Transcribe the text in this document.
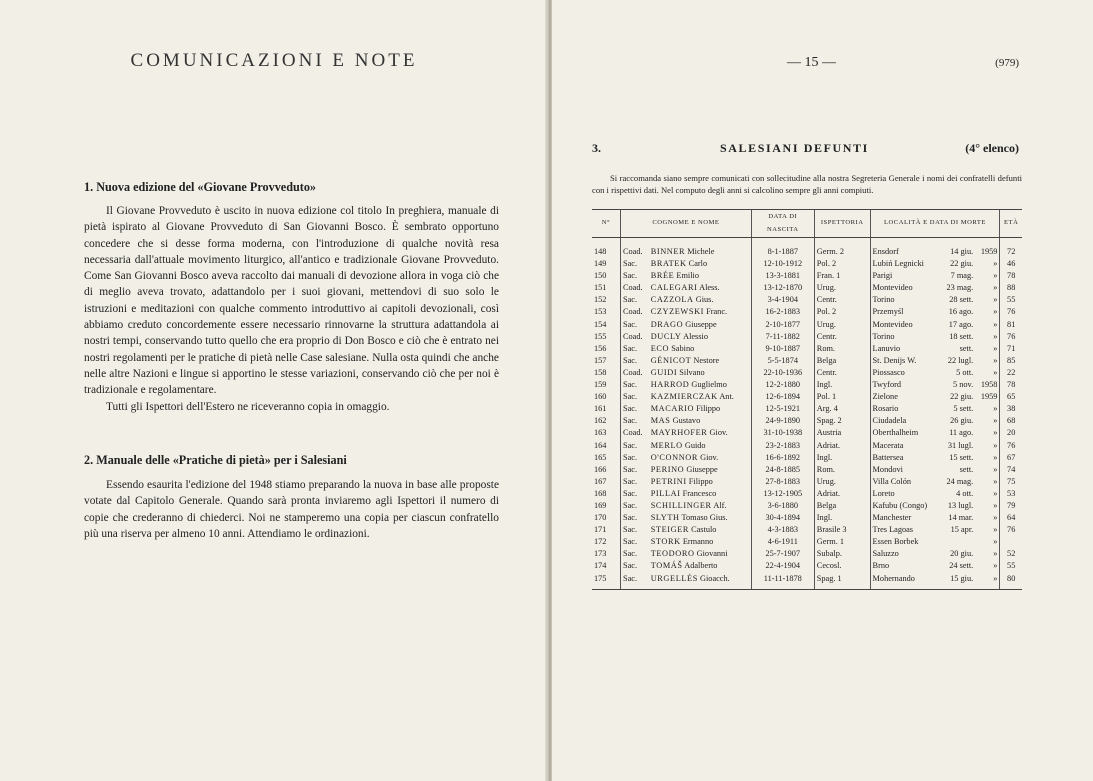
COMUNICAZIONI E NOTE
1. Nuova edizione del «Giovane Provveduto»

Il Giovane Provveduto è uscito in nuova edizione col titolo In preghiera, manuale di pietà ispirato al Giovane Provveduto di San Giovanni Bosco. È sembrato opportuno concedere che si desse forma moderna, con l'introduzione di qualche novità resa necessaria dall'attuale movimento liturgico, all'antico e tradizionale Giovane Provveduto. Come San Giovanni Bosco aveva raccolto dai manuali di devozione allora in voga ciò che di meglio aveva trovato, adattandolo per i suoi giovani, mettendovi di suo solo le istruzioni e meditazioni con qualche commento introduttivo ai capitoli devozionali, così abbiamo creduto concordemente essere necessario rinnovarne la struttura adattandola ai nostri tempi, conservando tutto quello che era proprio di Don Bosco e ciò che è entrato nei nostri regolamenti per le pratiche di pietà nelle Case salesiane. Nulla osta quindi che anche nelle altre Nazioni e lingue si apportino le stesse variazioni, conservando ciò che per noi è tradizionale e regolamentare.

Tutti gli Ispettori dell'Estero ne riceveranno copia in omaggio.

2. Manuale delle «Pratiche di pietà» per i Salesiani

Essendo esaurita l'edizione del 1948 stiamo preparando la nuova in base alle proposte votate dal Capitolo Generale. Quando sarà pronta inviaremo agli Ispettori il numero di copie che crederanno di chiederci. Noi ne stamperemo una copia per ciascun confratello più una riserva per almeno 10 anni. Attendiamo le ordinazioni.

— 15 —	(979)
3.	SALESIANI DEFUNTI	(4° elenco)

Si raccomanda siano sempre comunicati con sollecitudine alla nostra Segreteria Generale i nomi dei confratelli defunti con i rispettivi dati. Nel computo degli anni si calcolino sempre gli anni compiuti.

N°	COGNOME E NOME		DATA DI NASCITA	ISPETTORIA	LOCALITÀ E DATA DI MORTE			ETÀ
148	Coad.	BINNER Michele	8-1-1887	Germ. 2	Ensdorf	14 giu.	1959	72
149	Sac.	BRATEK Carlo	12-10-1912	Pol. 2	Lubiń Legnicki	22 giu.	»	46
150	Sac.	BRÉE Emilio	13-3-1881	Fran. 1	Parigi	7 mag.	»	78
151	Coad.	CALEGARI Aless.	13-12-1870	Urug.	Montevideo	23 mag.	»	88
152	Sac.	CAZZOLA Gius.	3-4-1904	Centr.	Torino	28 sett.	»	55
153	Coad.	CZYZEWSKI Franc.	16-2-1883	Pol. 2	Przemyśl	16 ago.	»	76
154	Sac.	DRAGO Giuseppe	2-10-1877	Urug.	Montevideo	17 ago.	»	81
155	Coad.	DUCLY Alessio	7-11-1882	Centr.	Torino	18 sett.	»	76
156	Sac.	ECO Sabino	9-10-1887	Rom.	Lanuvio	sett.	»	71
157	Sac.	GÉNICOT Nestore	5-5-1874	Belga	St. Denijs W.	22 lugl.	»	85
158	Coad.	GUIDI Silvano	22-10-1936	Centr.	Piossasco	5 ott.	»	22
159	Sac.	HARROD Guglielmo	12-2-1880	Ingl.	Twyford	5 nov.	1958	78
160	Sac.	KAZMIERCZAK Ant.	12-6-1894	Pol. 1	Zielone	22 giu.	1959	65
161	Sac.	MACARIO Filippo	12-5-1921	Arg. 4	Rosario	5 sett.	»	38
162	Sac.	MAS Gustavo	24-9-1890	Spag. 2	Ciudadela	26 giu.	»	68
163	Coad.	MAYRHOFER Giov.	31-10-1938	Austria	Oberthalheim	11 ago.	»	20
164	Sac.	MERLO Guido	23-2-1883	Adriat.	Macerata	31 lugl.	»	76
165	Sac.	O'CONNOR Giov.	16-6-1892	Ingl.	Battersea	15 sett.	»	67
166	Sac.	PERINO Giuseppe	24-8-1885	Rom.	Mondovi	sett.	»	74
167	Sac.	PETRINI Filippo	27-8-1883	Urug.	Villa Colón	24 mag.	»	75
168	Sac.	PILLAI Francesco	13-12-1905	Adriat.	Loreto	4 ott.	»	53
169	Sac.	SCHILLINGER Alf.	3-6-1880	Belga	Kafubu (Congo)	13 lugl.	»	79
170	Sac.	SLYTH Tomaso Gius.	30-4-1894	Ingl.	Manchester	14 mar.	»	64
171	Sac.	STEIGER Castulo	4-3-1883	Brasile 3	Tres Lagoas	15 apr.	»	76
172	Sac.	STORK Ermanno	4-6-1911	Germ. 1	Essen Borbek		»	
173	Sac.	TEODORO Giovanni	25-7-1907	Subalp.	Saluzzo	20 giu.	»	52
174	Sac.	TOMÁŠ Adalberto	22-4-1904	Cecosl.	Brno	24 sett.	»	55
175	Sac.	URGELLÉS Gioacch.	11-11-1878	Spag. 1	Mohernando	15 giu.	»	80
